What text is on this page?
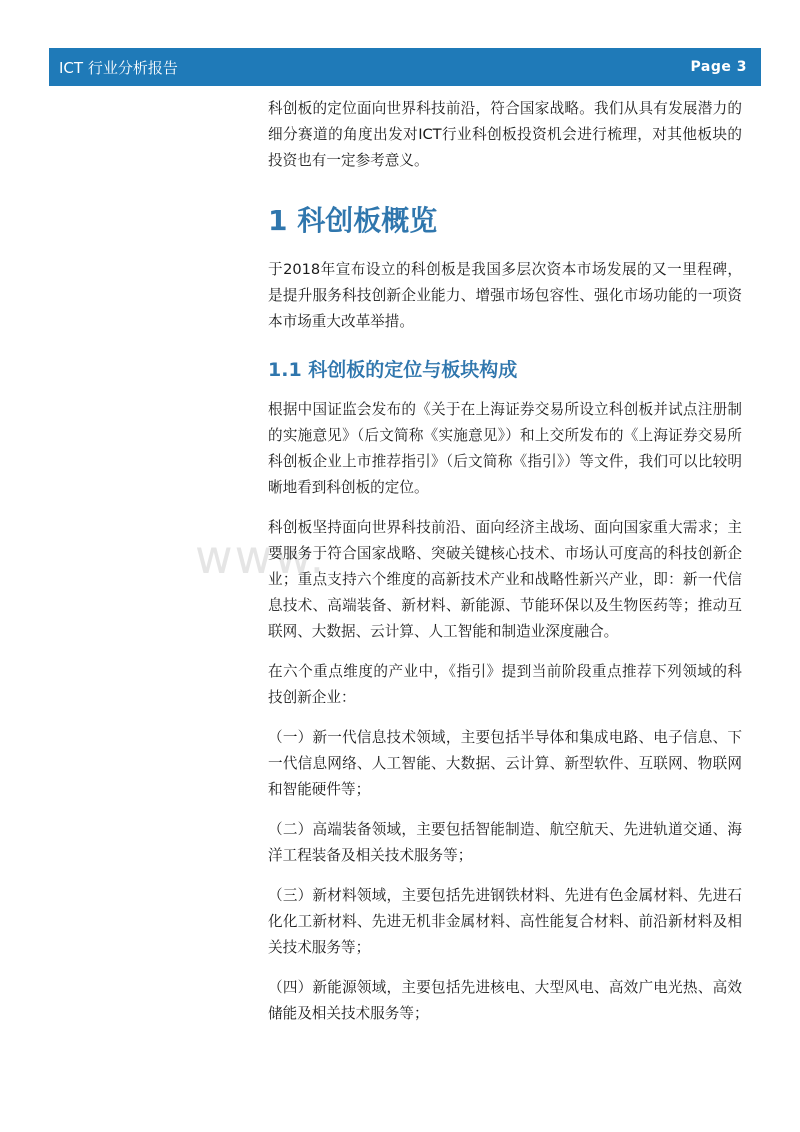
ICT 行业分析报告	Page 3
www.

科创板的定位面向世界科技前沿，符合国家战略。我们从具有发展潜力的细分赛道的角度出发对ICT行业科创板投资机会进行梳理，对其他板块的投资也有一定参考意义。

1 科创板概览

于2018年宣布设立的科创板是我国多层次资本市场发展的又一里程碑，是提升服务科技创新企业能力、增强市场包容性、强化市场功能的一项资本市场重大改革举措。

1.1 科创板的定位与板块构成

根据中国证监会发布的《关于在上海证券交易所设立科创板并试点注册制的实施意见》（后文简称《实施意见》）和上交所发布的《上海证券交易所科创板企业上市推荐指引》（后文简称《指引》）等文件，我们可以比较明晰地看到科创板的定位。

科创板坚持面向世界科技前沿、面向经济主战场、面向国家重大需求；主要服务于符合国家战略、突破关键核心技术、市场认可度高的科技创新企业；重点支持六个维度的高新技术产业和战略性新兴产业，即：新一代信息技术、高端装备、新材料、新能源、节能环保以及生物医药等；推动互联网、大数据、云计算、人工智能和制造业深度融合。

在六个重点维度的产业中，《指引》提到当前阶段重点推荐下列领域的科技创新企业：

（一）新一代信息技术领域，主要包括半导体和集成电路、电子信息、下一代信息网络、人工智能、大数据、云计算、新型软件、互联网、物联网和智能硬件等；

（二）高端装备领域，主要包括智能制造、航空航天、先进轨道交通、海洋工程装备及相关技术服务等；

（三）新材料领域，主要包括先进钢铁材料、先进有色金属材料、先进石化化工新材料、先进无机非金属材料、高性能复合材料、前沿新材料及相关技术服务等；

（四）新能源领域，主要包括先进核电、大型风电、高效广电光热、高效储能及相关技术服务等；
